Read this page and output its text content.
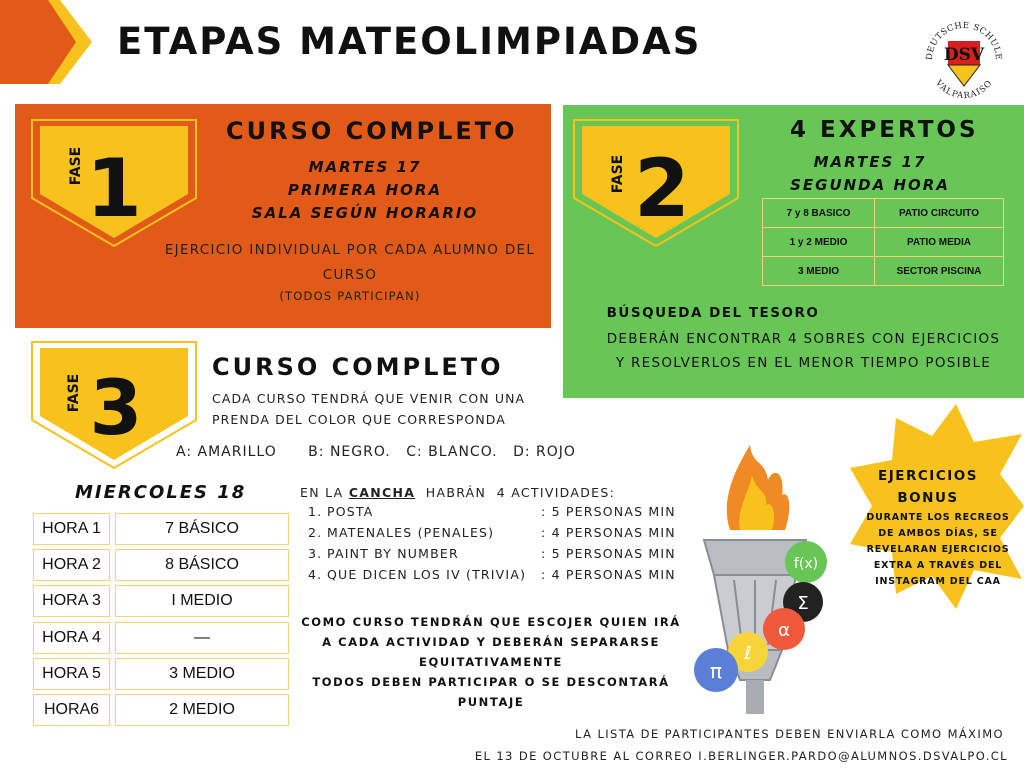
ETAPAS MATEOLIMPIADAS	DEUTSCHE SCHULE
VALPARAISO
DSV
FASE 1
CURSO COMPLETO
MARTES 17
PRIMERA HORA
SALA SEGÚN HORARIO
EJERCICIO INDIVIDUAL POR CADA ALUMNO DEL CURSO
(TODOS PARTICIPAN)
FASE 2
4 EXPERTOS
MARTES 17
SEGUNDA HORA
7 y 8 BASICO	PATIO CIRCUITO
1 y 2 MEDIO	PATIO MEDIA
3 MEDIO	SECTOR PISCINA
BÚSQUEDA DEL TESORO
DEBERÁN ENCONTRAR 4 SOBRES CON EJERCICIOS
Y RESOLVERLOS EN EL MENOR TIEMPO POSIBLE
FASE 3	CURSO COMPLETO
CADA CURSO TENDRÁ QUE VENIR CON UNA
PRENDA DEL COLOR QUE CORRESPONDA
A: AMARILLO B: NEGRO. C: BLANCO. D: ROJO
MIERCOLES 18
HORA 1	7 BÁSICO
HORA 2	8 BÁSICO
HORA 3	I MEDIO
HORA 4	—
HORA 5	3 MEDIO
HORA6	2 MEDIO
EN LA CANCHA  HABRÁN  4 ACTIVIDADES:
1. POSTA	: 5 PERSONAS MIN
2. MATENALES (PENALES)	: 4 PERSONAS MIN
3. PAINT BY NUMBER	: 5 PERSONAS MIN
4. QUE DICEN LOS IV (TRIVIA) : 4 PERSONAS MIN
COMO CURSO TENDRÁN QUE ESCOJER QUIEN IRÁ
A CADA ACTIVIDAD Y DEBERÁN SEPARARSE
EQUITATIVAMENTE
TODOS DEBEN PARTICIPAR O SE DESCONTARÁ
PUNTAJE
f(x)
Σ
α
ℓ
π
EJERCICIOS
BONUS
DURANTE LOS RECREOS
DE AMBOS DÍAS, SE
REVELARAN EJERCICIOS
EXTRA A TRAVÉS DEL
INSTAGRAM DEL CAA
LA LISTA DE PARTICIPANTES DEBEN ENVIARLA COMO MÁXIMO
EL 13 DE OCTUBRE AL CORREO I.BERLINGER.PARDO@ALUMNOS.DSVALPO.CL
